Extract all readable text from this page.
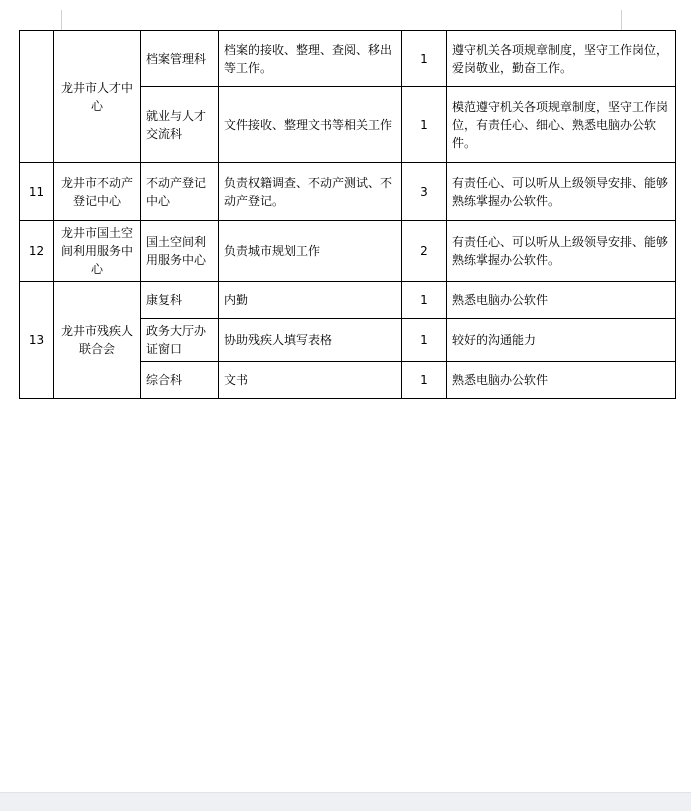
	龙井市人才中心	档案管理科	档案的接收、整理、查阅、移出等工作。	1	遵守机关各项规章制度，坚守工作岗位，爱岗敬业，勤奋工作。
		就业与人才交流科	文件接收、整理文书等相关工作	1	模范遵守机关各项规章制度，坚守工作岗位，有责任心、细心、熟悉电脑办公软件。
11	龙井市不动产登记中心	不动产登记中心	负责权籍调查、不动产测试、不动产登记。	3	有责任心、可以听从上级领导安排、能够熟练掌握办公软件。
12	龙井市国土空间利用服务中心	国土空间利用服务中心	负责城市规划工作	2	有责任心、可以听从上级领导安排、能够熟练掌握办公软件。
13	龙井市残疾人联合会	康复科	内勤	1	熟悉电脑办公软件
		政务大厅办证窗口	协助残疾人填写表格	1	较好的沟通能力
		综合科	文书	1	熟悉电脑办公软件
